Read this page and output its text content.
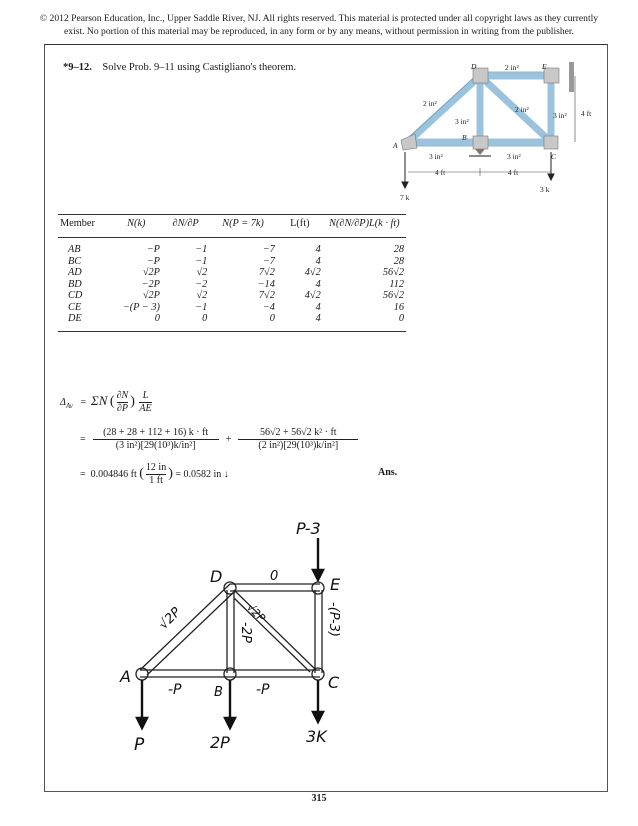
© 2012 Pearson Education, Inc., Upper Saddle River, NJ. All rights reserved. This material is protected under all copyright laws as they currently
exist. No portion of this material may be reproduced, in any form or by any means, without permission in writing from the publisher.
*9–12. Solve Prob. 9–11 using Castigliano's theorem.	D	E
A
B
C
2 in²
2 in²
3 in²
2 in²
3 in²
3 in²	3 in²
4 ft
4 ft	4 ft
7 k
3 k
Member	N(k)	∂N/∂P	N(P = 7k)	L(ft)	N(∂N/∂P)L(k · ft)
AB	−P	−1	−7	4	28
BC	−P	−1	−7	4	28
AD	√2P	√2	7√2	4√2	56√2
BD	−2P	−2	−14	4	112
CD	√2P	√2	7√2	4√2	56√2
CE	−(P − 3)	−1	−4	4	16
DE	0	0	0	4	0
$\Delta_{Av} = \Sigma N$ ( $\frac{\partial N}{\partial P}$ ) $\frac{L}{AE}$
= $\frac{(28 + 28 + 112 + 16) k \cdot ft}{\text{(3 in²)[29(10³)k/in²]}} + \frac{\text{56√2 + 56√2 k² · ft}}{\text{(2 in²)[29(10³)k/in²]}}$
= 0.004846 ft ( $\frac{12 in}{1 ft}$ ) = 0.0582 in ↓	Ans.
P-3
D	E
A
B
C
0
√2P	√2P
-2P	-(P-3)
-P	-P
P	2P	3K
315
